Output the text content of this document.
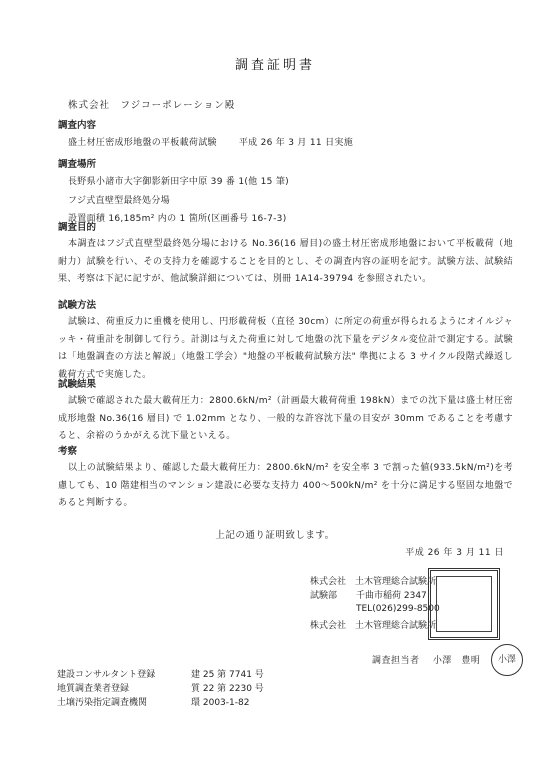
調査証明書
株式会社　フジコーポレーション殿
調査内容
盛土材圧密成形地盤の平板載荷試験 平成 26 年 3 月 11 日実施
調査場所
長野県小諸市大字御影新田字中原 39 番 1(他 15 筆)
フジ式直壁型最終処分場
設置面積 16,185m² 内の 1 箇所(区画番号 16-7-3)
調査目的
本調査はフジ式直壁型最終処分場における No.36(16 層目)の盛土材圧密成形地盤において平板載荷（地耐力）試験を行い、その支持力を確認することを目的とし、その調査内容の証明を記す。試験方法、試験結果、考察は下記に記すが、他試験詳細については、別冊 1A14-39794 を参照されたい。
試験方法
試験は、荷重反力に重機を使用し、円形載荷板（直径 30cm）に所定の荷重が得られるようにオイルジャッキ・荷重計を制御して行う。計測は与えた荷重に対して地盤の沈下量をデジタル変位計で測定する。試験は「地盤調査の方法と解説」（地盤工学会）"地盤の平板載荷試験方法" 準拠による 3 サイクル段階式繰返し載荷方式で実施した。
試験結果
試験で確認された最大載荷圧力：2800.6kN/m²（計画最大載荷荷重 198kN）までの沈下量は盛土材圧密成形地盤 No.36(16 層目) で 1.02mm となり、一般的な許容沈下量の目安が 30mm であることを考慮すると、余裕のうかがえる沈下量といえる。
考察
以上の試験結果より、確認した最大載荷圧力：2800.6kN/m² を安全率 3 で割った値(933.5kN/m²)を考慮しても、10 階建相当のマンション建設に必要な支持力 400～500kN/m² を十分に満足する堅固な地盤であると判断する。
上記の通り証明致します。
平成 26 年 3 月 11 日
株式会社　土木管理総合試験所
試験部 千曲市稲荷 2347
TEL(026)299-8500
株式会社　土木管理総合試験所
調査担当者 小澤　豊明	小澤
建設コンサルタント登録	建 25 第 7741 号
地質調査業者登録	質 22 第 2230 号
土壌汚染指定調査機関	環 2003-1-82
